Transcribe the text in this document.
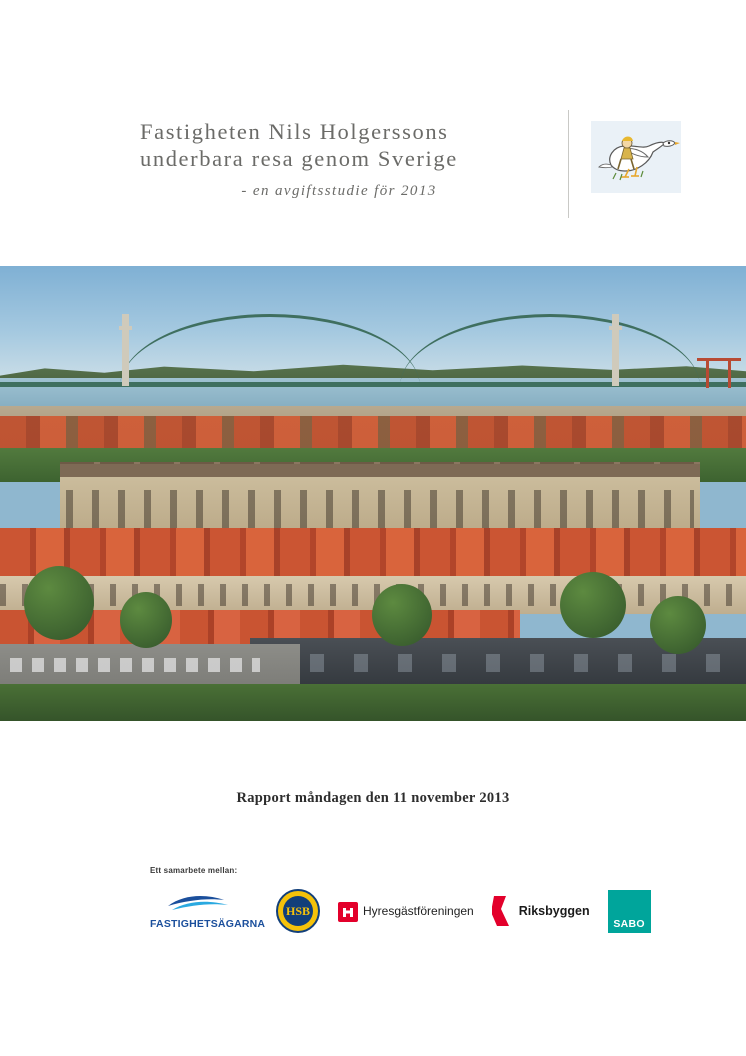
Fastigheten Nils Holgerssons
underbara resa genom Sverige
- en avgiftsstudie för 2013
Rapport måndagen den 11 november 2013
Ett samarbete mellan:
FASTIGHETSÄGARNA
HSB	Hyresgästföreningen	Riksbyggen
SABO
